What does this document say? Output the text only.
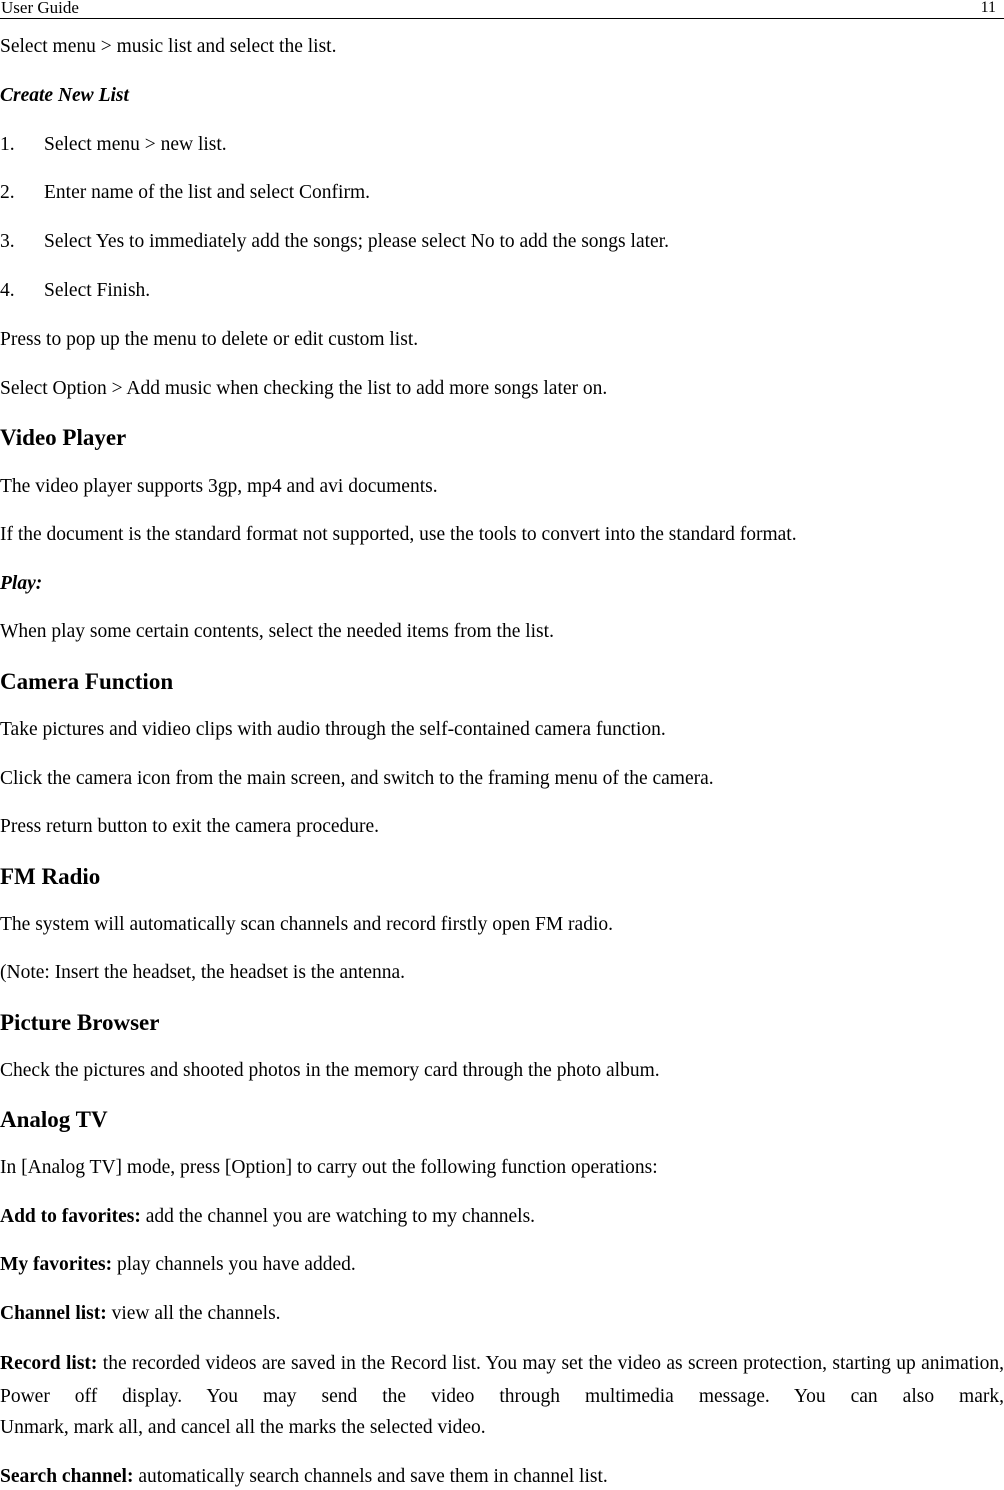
User Guide	11
Select menu > music list and select the list.
Create New List
1. Select menu > new list.
2. Enter name of the list and select Confirm.
3. Select Yes to immediately add the songs; please select No to add the songs later.
4. Select Finish.
Press to pop up the menu to delete or edit custom list.
Select Option > Add music when checking the list to add more songs later on.
Video Player
The video player supports 3gp, mp4 and avi documents.
If the document is the standard format not supported, use the tools to convert into the standard format.
Play:
When play some certain contents, select the needed items from the list.
Camera Function
Take pictures and vidieo clips with audio through the self-contained camera function.
Click the camera icon from the main screen, and switch to the framing menu of the camera.
Press return button to exit the camera procedure.
FM Radio
The system will automatically scan channels and record firstly open FM radio.
(Note: Insert the headset, the headset is the antenna.
Picture Browser
Check the pictures and shooted photos in the memory card through the photo album.
Analog TV
In [Analog TV] mode, press [Option] to carry out the following function operations:
Add to favorites: add the channel you are watching to my channels.
My favorites: play channels you have added.
Channel list: view all the channels.
Record list: the recorded videos are saved in the Record list. You may set the video as screen protection, starting up animation, Power off display. You may send the video through multimedia message. You can also mark,
Unmark, mark all, and cancel all the marks the selected video.
Search channel: automatically search channels and save them in channel list.
